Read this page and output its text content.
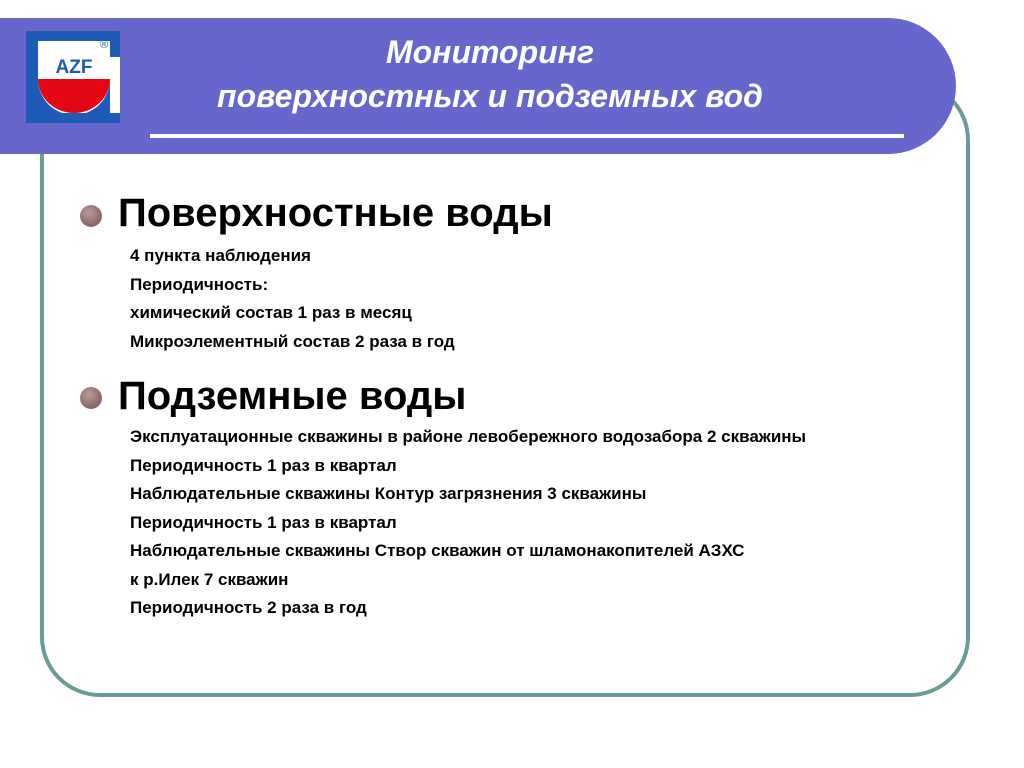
AZF
®	Мониторинг
поверхностных и подземных вод
Поверхностные воды
4 пункта наблюдения
Периодичность:
химический состав 1 раз в месяц
Микроэлементный состав 2 раза в год
Подземные воды
Эксплуатационные скважины в районе левобережного водозабора 2 скважины
Периодичность 1 раз в квартал
Наблюдательные скважины Контур загрязнения 3 скважины
Периодичность 1 раз в квартал
Наблюдательные скважины Створ скважин от шламонакопителей АЗХС
к р.Илек 7 скважин
Периодичность 2 раза в год
